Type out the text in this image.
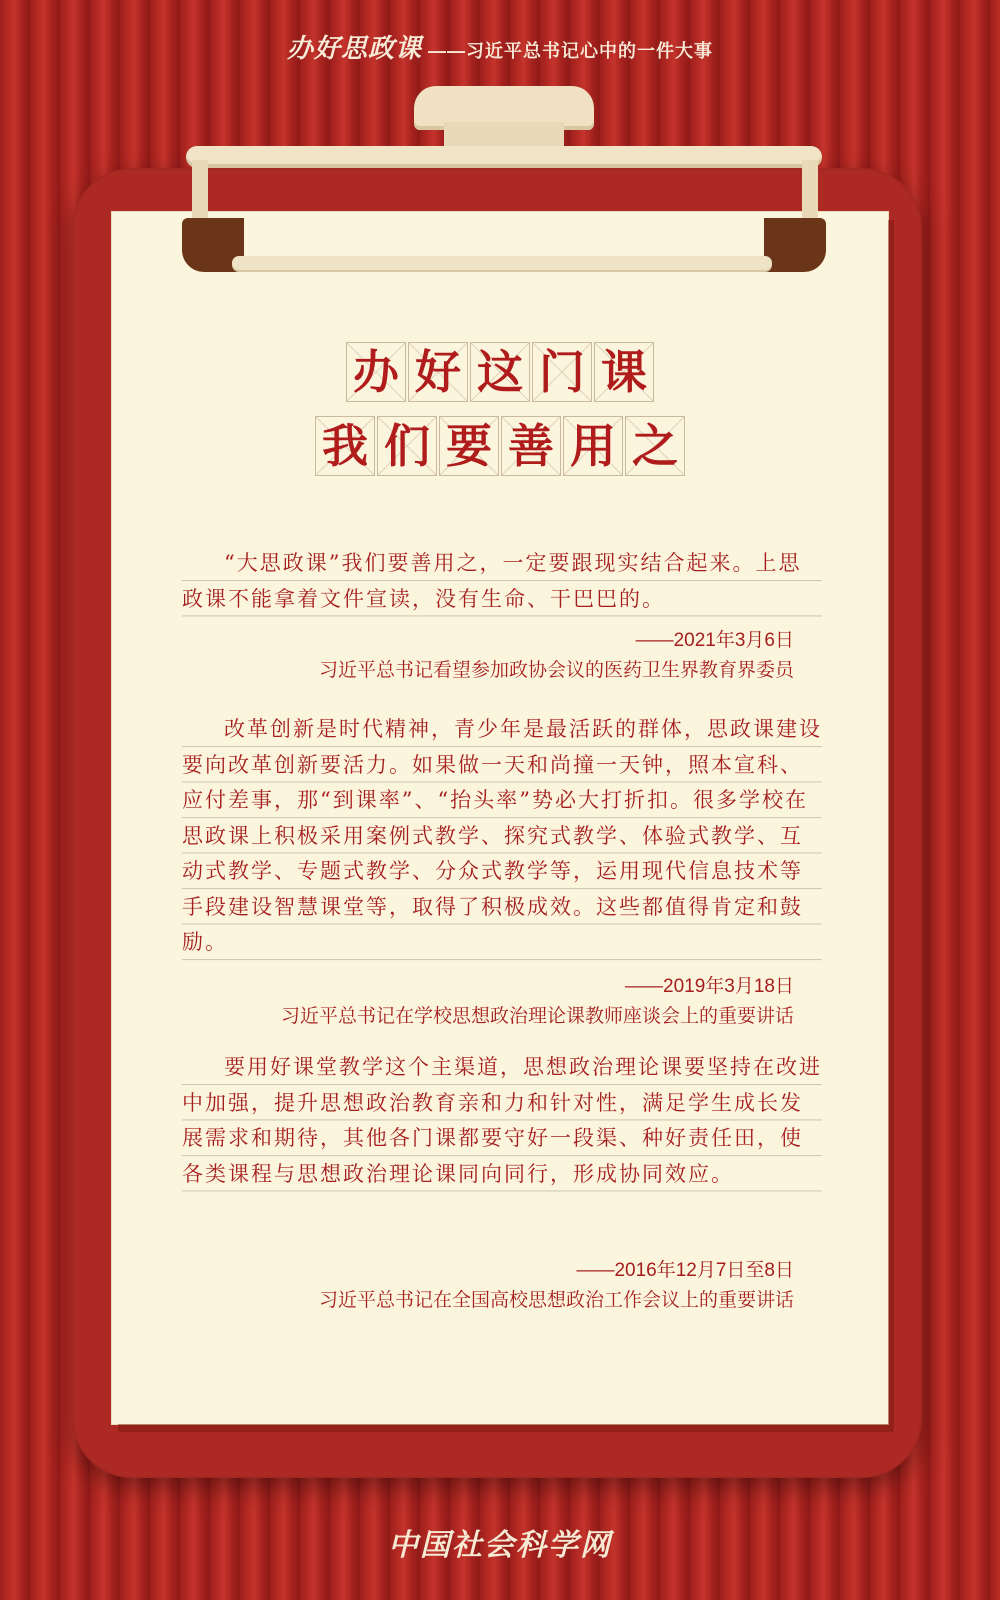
办好思政课 ——习近平总书记心中的一件大事
办 好 这 门 课
我 们 要 善 用 之

“大思政课”我们要善用之，一定要跟现实结合起来。上思政课不能拿着文件宣读，没有生命、干巴巴的。

——2021年3月6日
习近平总书记看望参加政协会议的医药卫生界教育界委员

改革创新是时代精神，青少年是最活跃的群体，思政课建设要向改革创新要活力。如果做一天和尚撞一天钟，照本宣科、应付差事，那“到课率”、“抬头率”势必大打折扣。很多学校在思政课上积极采用案例式教学、探究式教学、体验式教学、互动式教学、专题式教学、分众式教学等，运用现代信息技术等手段建设智慧课堂等，取得了积极成效。这些都值得肯定和鼓励。

——2019年3月18日
习近平总书记在学校思想政治理论课教师座谈会上的重要讲话

要用好课堂教学这个主渠道，思想政治理论课要坚持在改进中加强，提升思想政治教育亲和力和针对性，满足学生成长发展需求和期待，其他各门课都要守好一段渠、种好责任田，使各类课程与思想政治理论课同向同行，形成协同效应。

——2016年12月7日至8日
习近平总书记在全国高校思想政治工作会议上的重要讲话
中国社会科学网
